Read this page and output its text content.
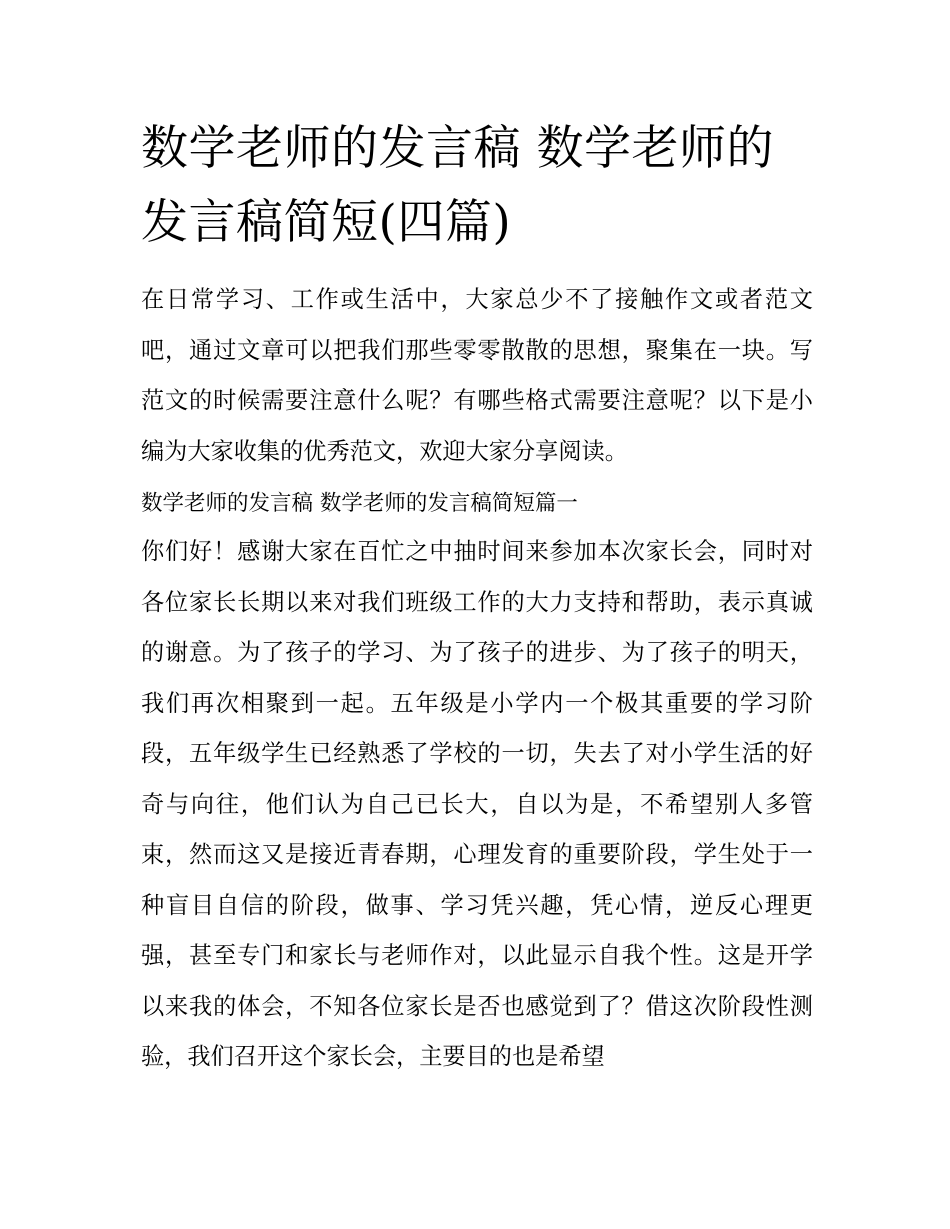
数学老师的发言稿 数学老师的发言稿简短(四篇)

在日常学习、工作或生活中，大家总少不了接触作文或者范文吧，通过文章可以把我们那些零零散散的思想，聚集在一块。写范文的时候需要注意什么呢？有哪些格式需要注意呢？以下是小编为大家收集的优秀范文，欢迎大家分享阅读。

数学老师的发言稿 数学老师的发言稿简短篇一

你们好！感谢大家在百忙之中抽时间来参加本次家长会，同时对各位家长长期以来对我们班级工作的大力支持和帮助，表示真诚的谢意。为了孩子的学习、为了孩子的进步、为了孩子的明天，我们再次相聚到一起。五年级是小学内一个极其重要的学习阶段，五年级学生已经熟悉了学校的一切，失去了对小学生活的好奇与向往，他们认为自己已长大，自以为是，不希望别人多管束，然而这又是接近青春期，心理发育的重要阶段，学生处于一种盲目自信的阶段，做事、学习凭兴趣，凭心情，逆反心理更强，甚至专门和家长与老师作对，以此显示自我个性。这是开学以来我的体会，不知各位家长是否也感觉到了？借这次阶段性测验，我们召开这个家长会，主要目的也是希望
